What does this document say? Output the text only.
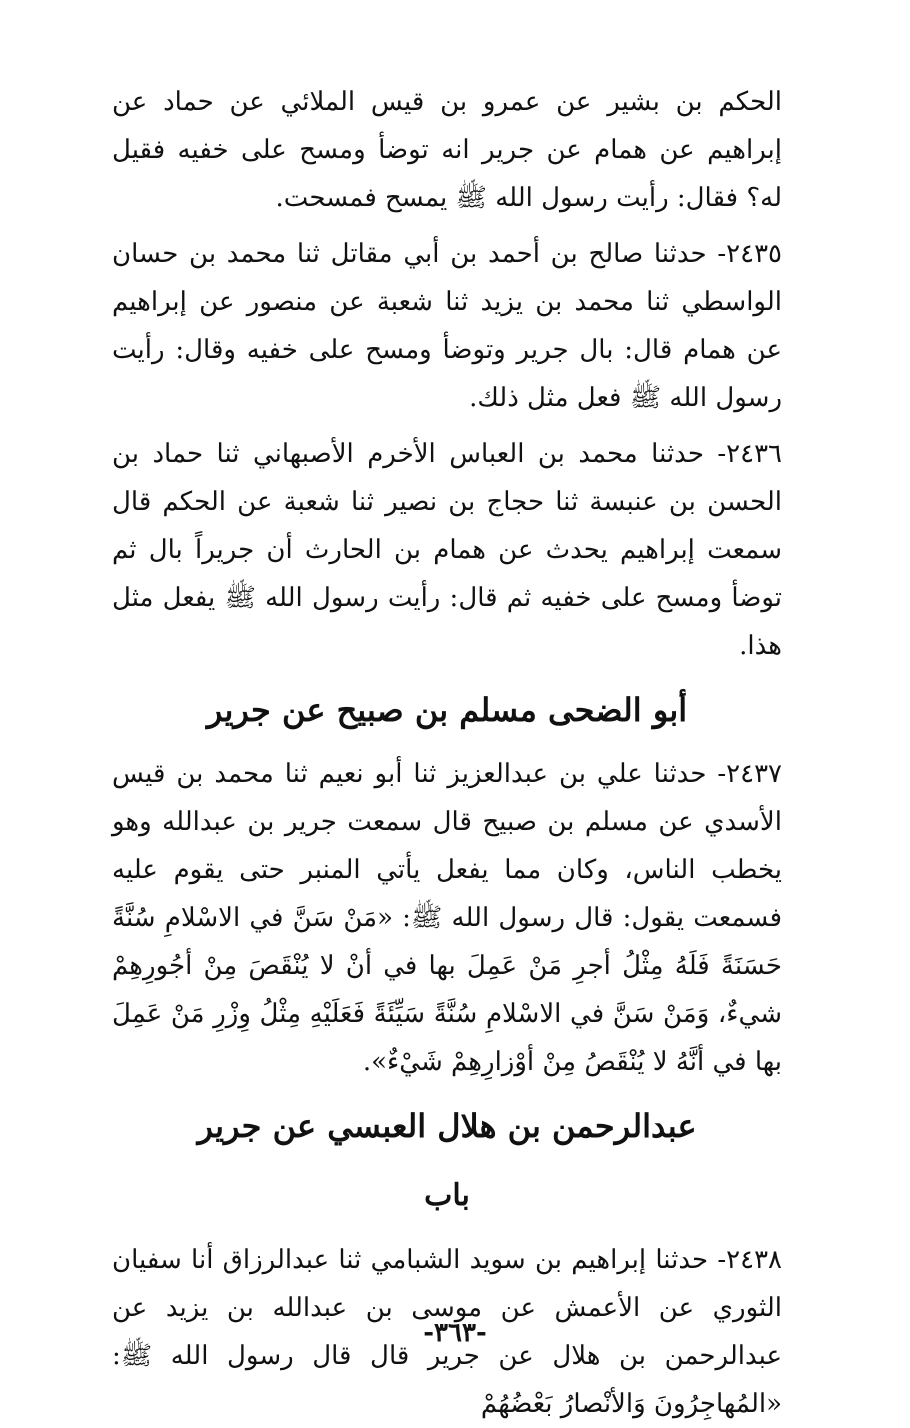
الحكم بن بشير عن عمرو بن قيس الملائي عن حماد عن إبراهيم عن همام عن جرير انه توضأ ومسح على خفيه فقيل له؟ فقال: رأيت رسول الله ﷺ يمسح فمسحت.

٢٤٣٥- حدثنا صالح بن أحمد بن أبي مقاتل ثنا محمد بن حسان الواسطي ثنا محمد بن يزيد ثنا شعبة عن منصور عن إبراهيم عن همام قال: بال جرير وتوضأ ومسح على خفيه وقال: رأيت رسول الله ﷺ فعل مثل ذلك.

٢٤٣٦- حدثنا محمد بن العباس الأخرم الأصبهاني ثنا حماد بن الحسن بن عنبسة ثنا حجاج بن نصير ثنا شعبة عن الحكم قال سمعت إبراهيم يحدث عن همام بن الحارث أن جريراً بال ثم توضأ ومسح على خفيه ثم قال: رأيت رسول الله ﷺ يفعل مثل هذا.

أبو الضحى مسلم بن صبيح عن جرير

٢٤٣٧- حدثنا علي بن عبدالعزيز ثنا أبو نعيم ثنا محمد بن قيس الأسدي عن مسلم بن صبيح قال سمعت جرير بن عبدالله وهو يخطب الناس، وكان مما يفعل يأتي المنبر حتى يقوم عليه فسمعت يقول: قال رسول الله ﷺ: «مَنْ سَنَّ في الاسْلامِ سُنَّةً حَسَنَةً فَلَهُ مِثْلُ أجرِ مَنْ عَمِلَ بها في أنْ لا يُنْقَصَ مِنْ أجُورِهِمْ شيءٌ، وَمَنْ سَنَّ في الاسْلامِ سُنَّةً سَيِّئَةً فَعَلَيْهِ مِثْلُ وِزْرِ مَنْ عَمِلَ بها في أنَّهُ لا يُنْقَصُ مِنْ أوْزارِهِمْ شَيْءٌ».

عبدالرحمن بن هلال العبسي عن جرير
باب

٢٤٣٨- حدثنا إبراهيم بن سويد الشبامي ثنا عبدالرزاق أنا سفيان الثوري عن الأعمش عن موسى بن عبدالله بن يزيد عن عبدالرحمن بن هلال عن جرير قال قال رسول الله ﷺ: «المُهاجِرُونَ وَالأنْصارُ بَعْضُهُمْ

-٣٦٣-
